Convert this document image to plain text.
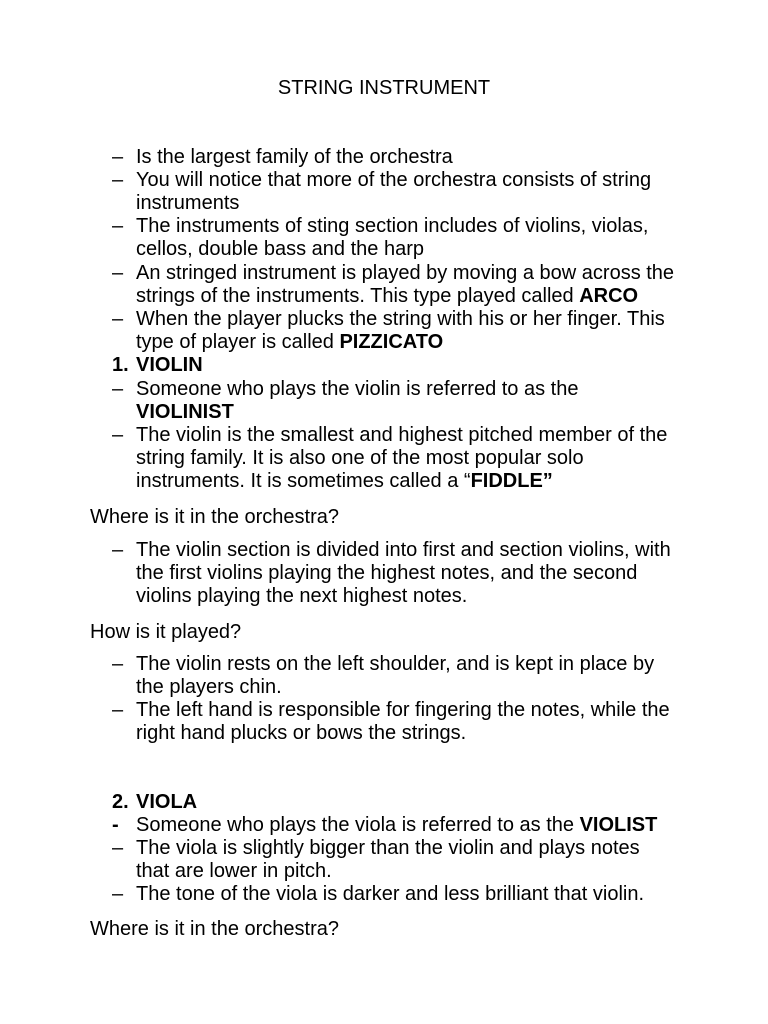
STRING INSTRUMENT
– Is the largest family of the orchestra
– You will notice that more of the orchestra consists of string
instruments
– The instruments of sting section includes of violins, violas,
cellos, double bass and the harp
– An stringed instrument is played by moving a bow across the
strings of the instruments. This type played called ARCO
– When the player plucks the string with his or her finger. This
type of player is called PIZZICATO
1. VIOLIN
– Someone who plays the violin is referred to as the
VIOLINIST
– The violin is the smallest and highest pitched member of the
string family. It is also one of the most popular solo
instruments. It is sometimes called a “FIDDLE”
Where is it in the orchestra?
– The violin section is divided into first and section violins, with
the first violins playing the highest notes, and the second
violins playing the next highest notes.
How is it played?
– The violin rests on the left shoulder, and is kept in place by
the players chin.
– The left hand is responsible for fingering the notes, while the
right hand plucks or bows the strings.
2. VIOLA
- Someone who plays the viola is referred to as the VIOLIST
– The viola is slightly bigger than the violin and plays notes
that are lower in pitch.
– The tone of the viola is darker and less brilliant that violin.
Where is it in the orchestra?
